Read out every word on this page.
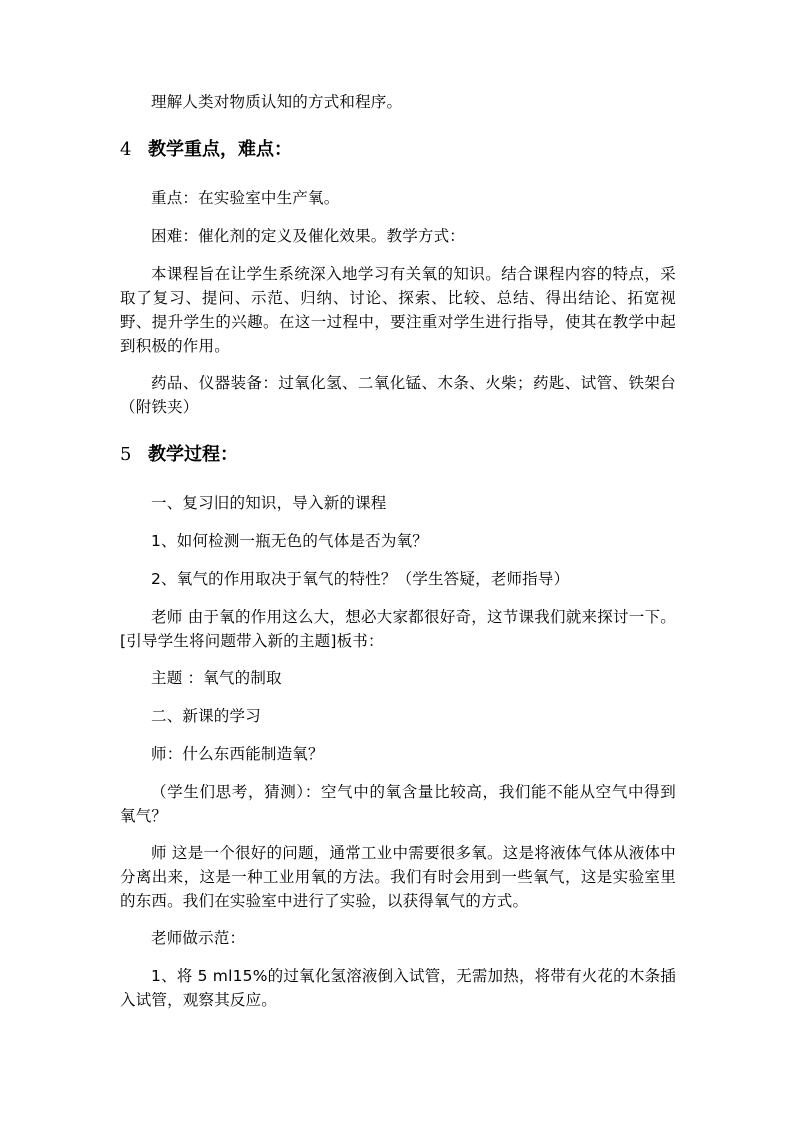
理解人类对物质认知的方式和程序。

4 教学重点，难点：

重点：在实验室中生产氧。

困难：催化剂的定义及催化效果。教学方式：

本课程旨在让学生系统深入地学习有关氧的知识。结合课程内容的特点，采取了复习、提问、示范、归纳、讨论、探索、比较、总结、得出结论、拓宽视野、提升学生的兴趣。在这一过程中，要注重对学生进行指导，使其在教学中起到积极的作用。

药品、仪器装备：过氧化氢、二氧化锰、木条、火柴；药匙、试管、铁架台（附铁夹）

5 教学过程：

一、复习旧的知识，导入新的课程

1、如何检测一瓶无色的气体是否为氧？

2、氧气的作用取决于氧气的特性？（学生答疑，老师指导）

老师 由于氧的作用这么大，想必大家都很好奇，这节课我们就来探讨一下。[引导学生将问题带入新的主题]板书：

主题 ：氧气的制取

二、新课的学习

师：什么东西能制造氧？

（学生们思考，猜测）：空气中的氧含量比较高，我们能不能从空气中得到氧气？

师 这是一个很好的问题，通常工业中需要很多氧。这是将液体气体从液体中分离出来，这是一种工业用氧的方法。我们有时会用到一些氧气，这是实验室里的东西。我们在实验室中进行了实验，以获得氧气的方式。

老师做示范：

1、将 5 ml15%的过氧化氢溶液倒入试管，无需加热，将带有火花的木条插入试管，观察其反应。
